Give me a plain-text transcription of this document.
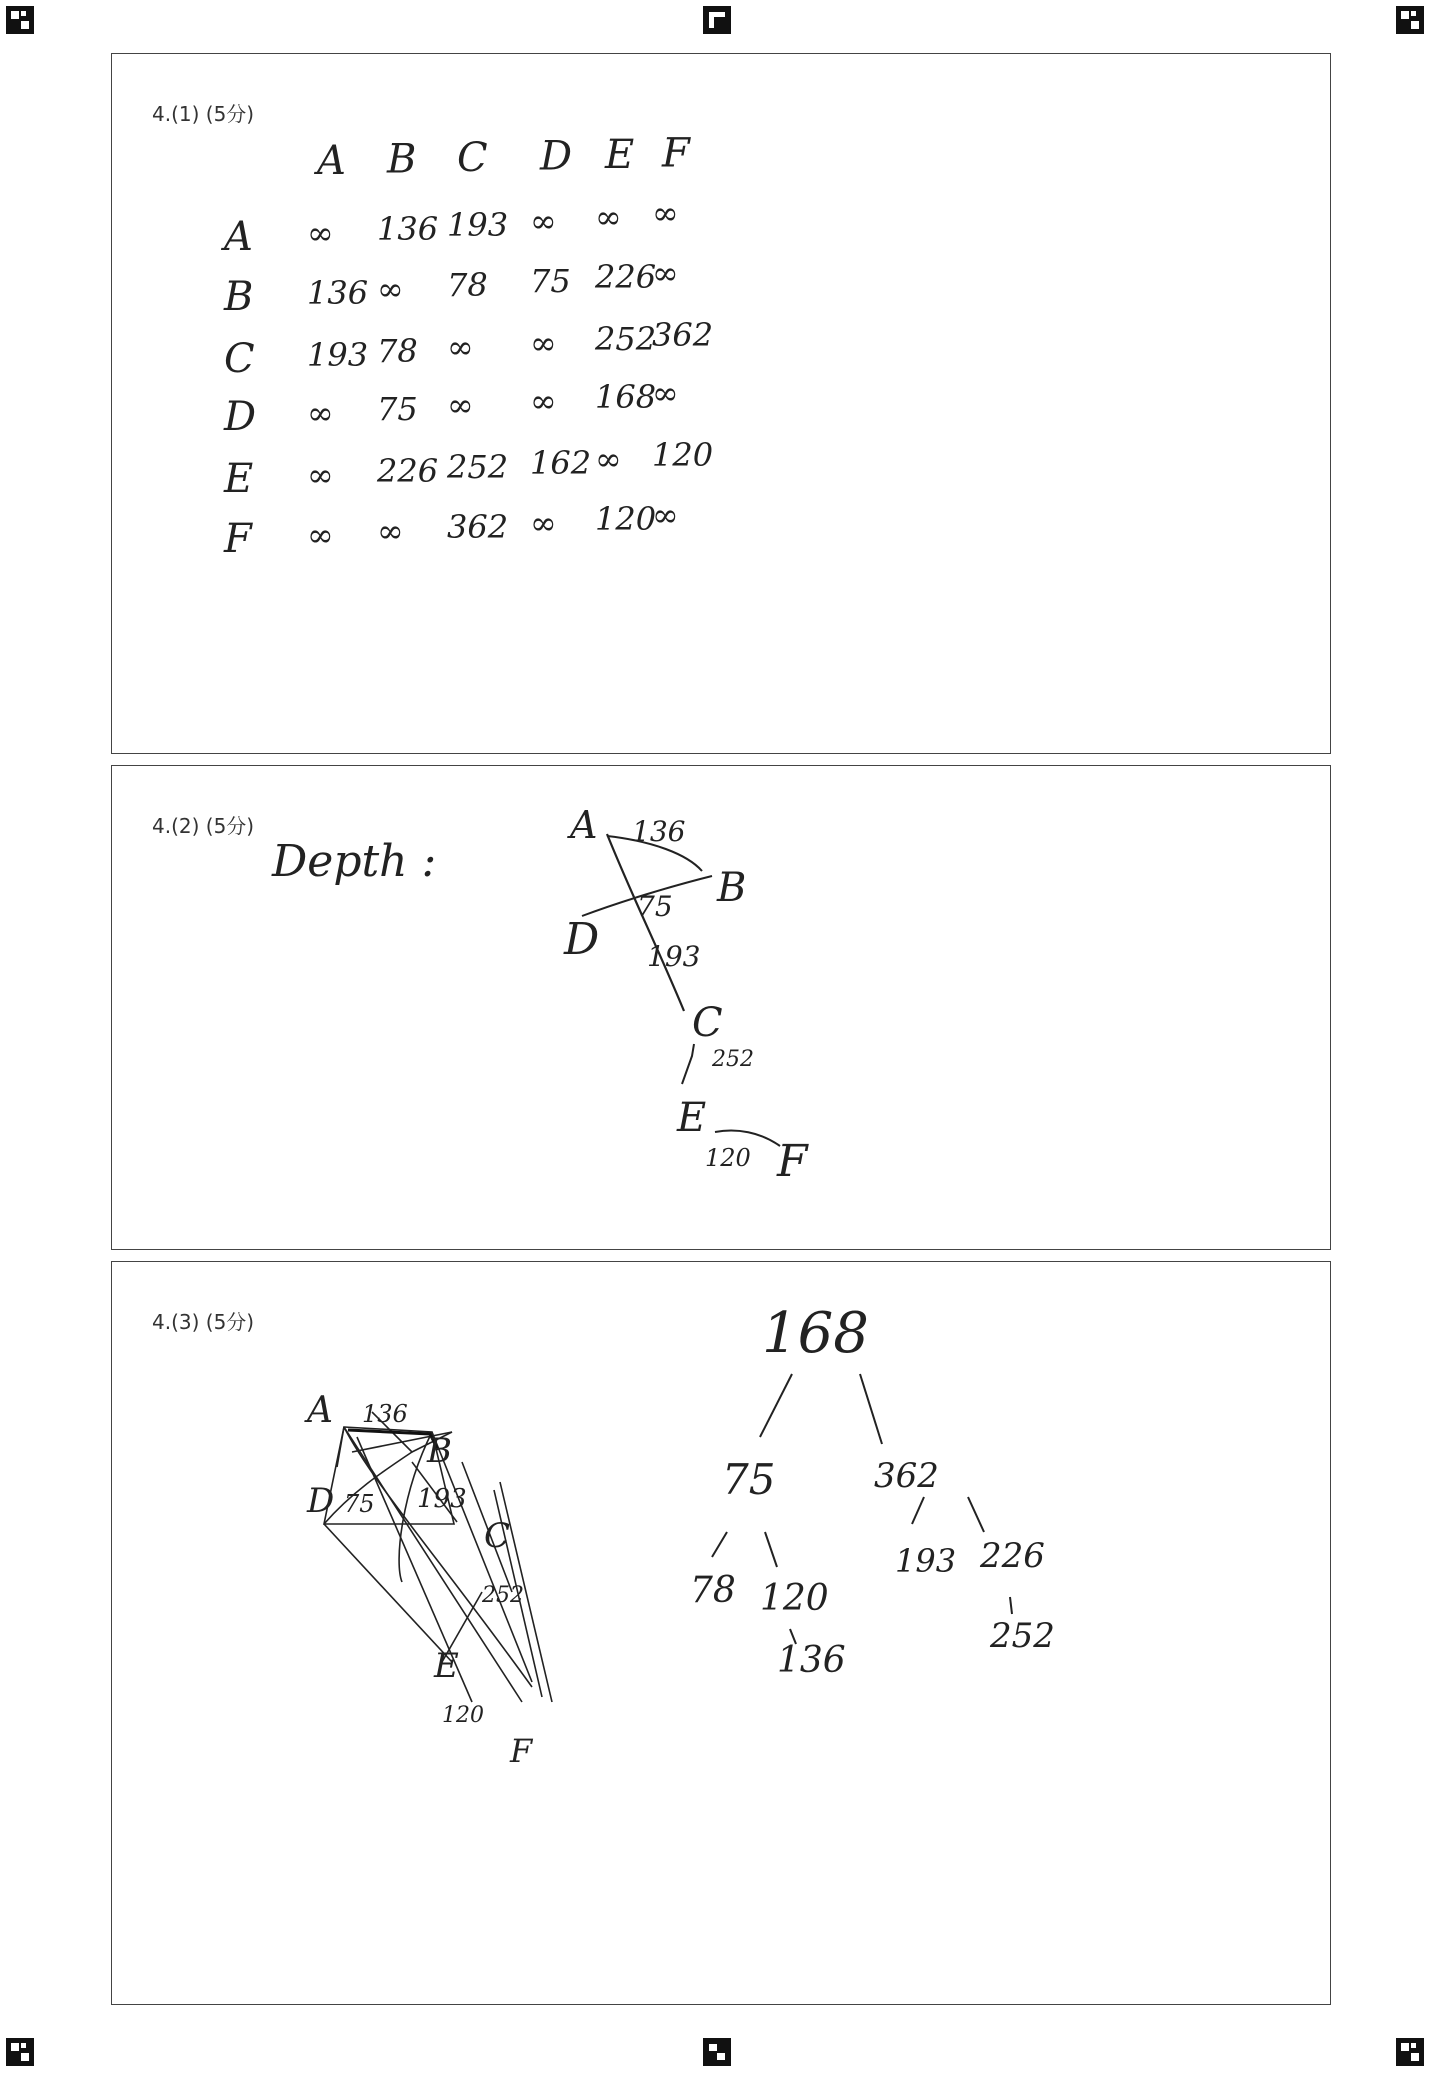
4.(1) (5分)
A B C D E F
A ∞ 136 193 ∞ ∞ ∞
B 136 ∞ 78 75 226
∞
C 193 78 ∞ ∞ 252
362
D ∞ 75 ∞ ∞ 168
∞
E ∞ 226 252 162 ∞ 120
F ∞ ∞ 362 ∞ 120
∞
4.(2) (5分)
Depth :
A
B
D
C
E
F
136
75
193
252
120
4.(3) (5分)
A
B
D
C
E
F
136
75 193
252
120
168
75	362
78 120
136
193 226
252
